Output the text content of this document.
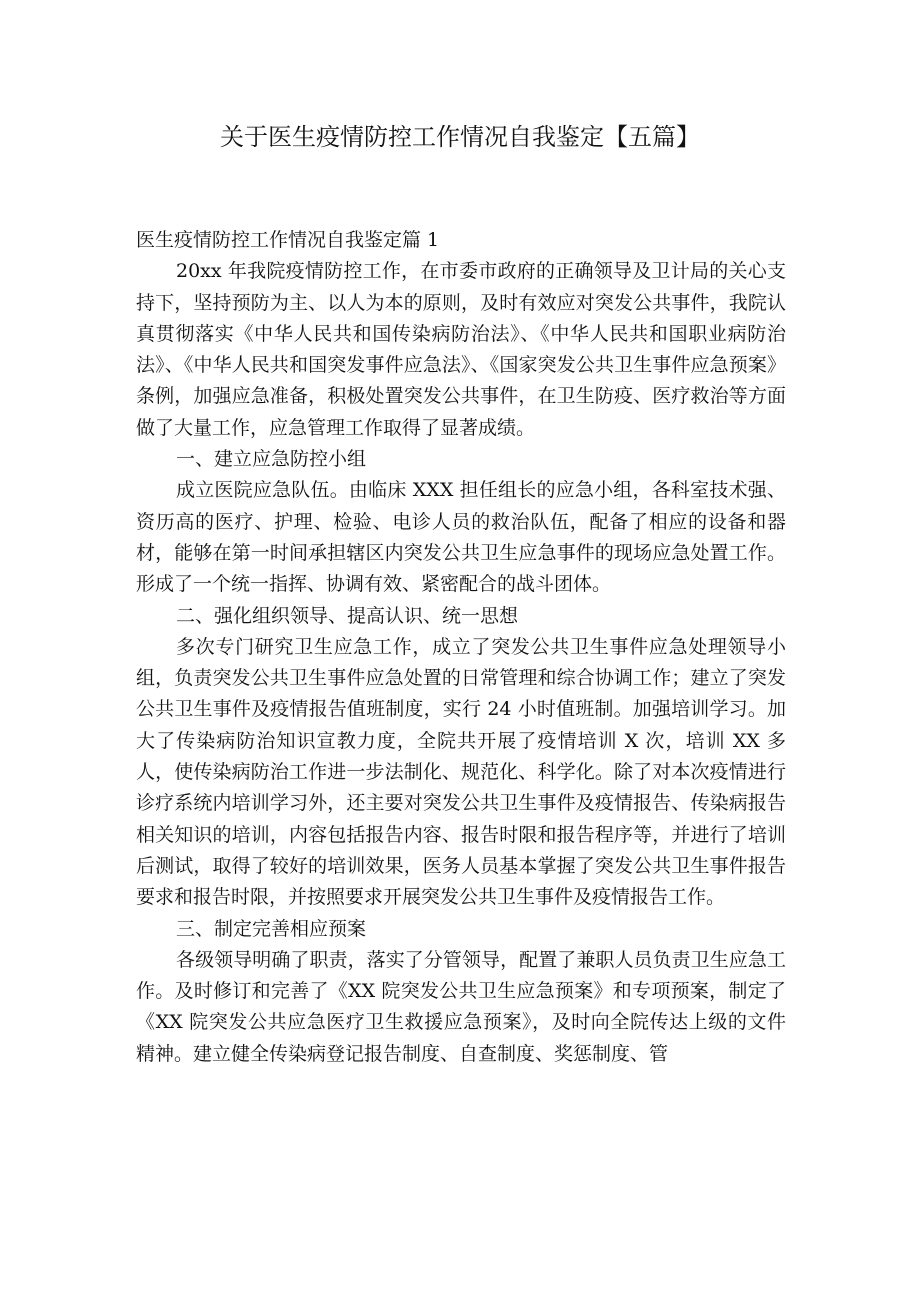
关于医生疫情防控工作情况自我鉴定【五篇】

医生疫情防控工作情况自我鉴定篇 1

20xx 年我院疫情防控工作，在市委市政府的正确领导及卫计局的关心支持下，坚持预防为主、以人为本的原则，及时有效应对突发公共事件，我院认真贯彻落实《中华人民共和国传染病防治法》、《中华人民共和国职业病防治法》、《中华人民共和国突发事件应急法》、《国家突发公共卫生事件应急预案》条例，加强应急准备，积极处置突发公共事件，在卫生防疫、医疗救治等方面做了大量工作，应急管理工作取得了显著成绩。

一、建立应急防控小组

成立医院应急队伍。由临床 XXX 担任组长的应急小组，各科室技术强、资历高的医疗、护理、检验、电诊人员的救治队伍，配备了相应的设备和器材，能够在第一时间承担辖区内突发公共卫生应急事件的现场应急处置工作。形成了一个统一指挥、协调有效、紧密配合的战斗团体。

二、强化组织领导、提高认识、统一思想

多次专门研究卫生应急工作，成立了突发公共卫生事件应急处理领导小组，负责突发公共卫生事件应急处置的日常管理和综合协调工作；建立了突发公共卫生事件及疫情报告值班制度，实行 24 小时值班制。加强培训学习。加大了传染病防治知识宣教力度，全院共开展了疫情培训 X 次，培训 XX 多人，使传染病防治工作进一步法制化、规范化、科学化。除了对本次疫情进行诊疗系统内培训学习外，还主要对突发公共卫生事件及疫情报告、传染病报告相关知识的培训，内容包括报告内容、报告时限和报告程序等，并进行了培训后测试，取得了较好的培训效果，医务人员基本掌握了突发公共卫生事件报告要求和报告时限，并按照要求开展突发公共卫生事件及疫情报告工作。

三、制定完善相应预案

各级领导明确了职责，落实了分管领导，配置了兼职人员负责卫生应急工作。及时修订和完善了《XX 院突发公共卫生应急预案》和专项预案，制定了《XX 院突发公共应急医疗卫生救援应急预案》，及时向全院传达上级的文件精神。建立健全传染病登记报告制度、自查制度、奖惩制度、管
